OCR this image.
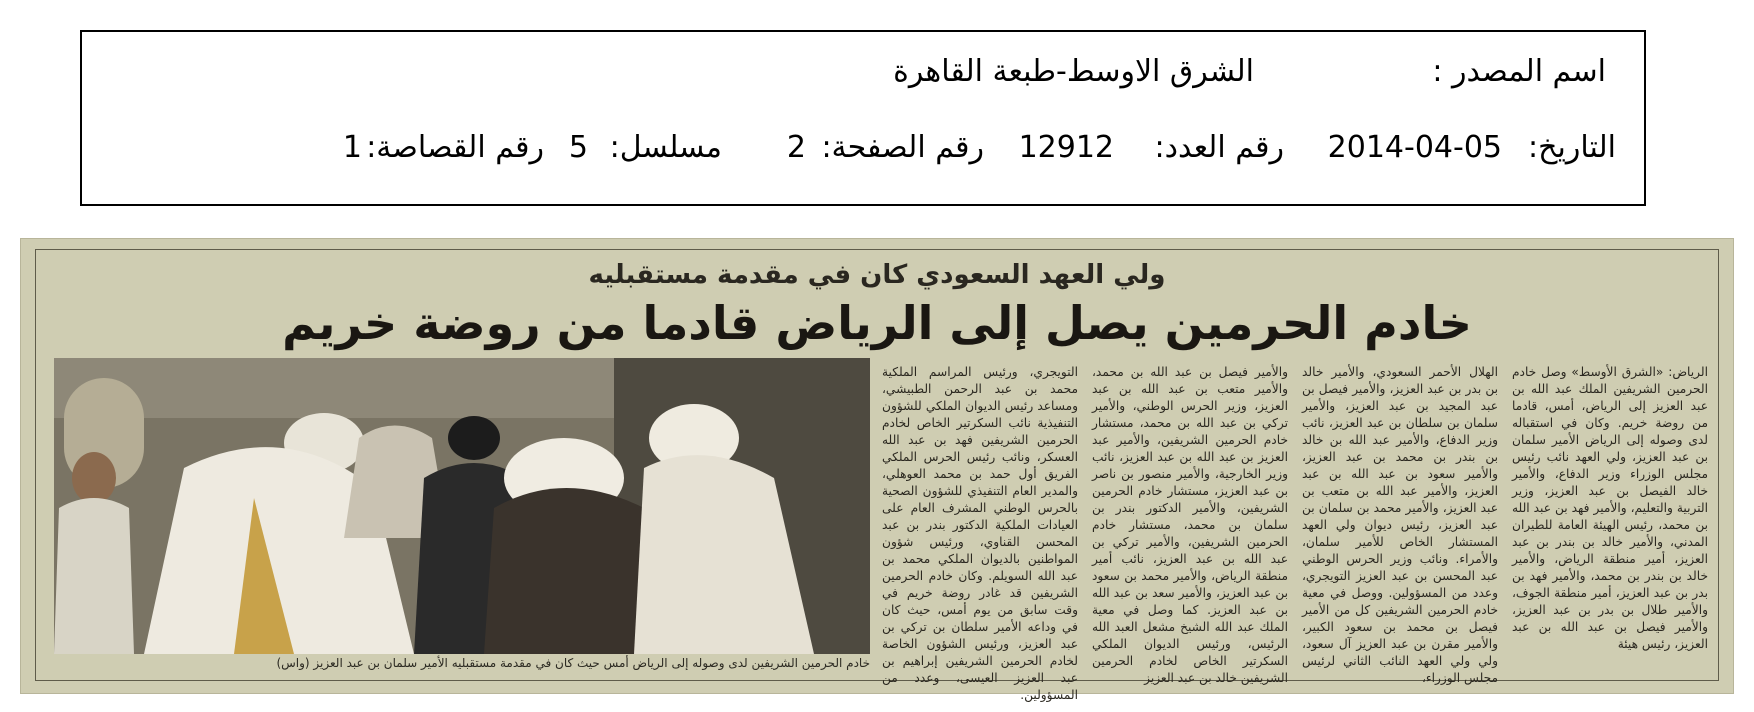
اسم المصدر :
الشرق الاوسط-طبعة القاهرة
التاريخ:
2014-04-05
رقم العدد:
12912
رقم الصفحة:
2
مسلسل:
5
رقم القصاصة:
1
ولي العهد السعودي كان في مقدمة مستقبليه
خادم الحرمين يصل إلى الرياض قادما من روضة خريم
خادم الحرمين الشريفين لدى وصوله إلى الرياض أمس حيث كان في مقدمة مستقبليه الأمير سلمان بن عبد العزيز (واس)
الرياض: «الشرق الأوسط» وصل خادم الحرمين الشريفين الملك عبد الله بن عبد العزيز إلى الرياض، أمس، قادما من روضة خريم. وكان في استقباله لدى وصوله إلى الرياض الأمير سلمان بن عبد العزيز، ولي العهد نائب رئيس مجلس الوزراء وزير الدفاع، والأمير خالد الفيصل بن عبد العزيز، وزير التربية والتعليم، والأمير فهد بن عبد الله بن محمد، رئيس الهيئة العامة للطيران المدني، والأمير خالد بن بندر بن عبد العزيز، أمير منطقة الرياض، والأمير خالد بن بندر بن محمد، والأمير فهد بن بدر بن عبد العزيز، أمير منطقة الجوف، والأمير طلال بن بدر بن عبد العزيز، والأمير فيصل بن عبد الله بن عبد العزيز، رئيس هيئة
الهلال الأحمر السعودي، والأمير خالد بن بدر بن عبد العزيز، والأمير فيصل بن عبد المجيد بن عبد العزيز، والأمير سلمان بن سلطان بن عبد العزيز، نائب وزير الدفاع، والأمير عبد الله بن خالد بن بندر بن محمد بن عبد العزيز، والأمير سعود بن عبد الله بن عبد العزيز، والأمير عبد الله بن متعب بن عبد العزيز، والأمير محمد بن سلمان بن عبد العزيز، رئيس ديوان ولي العهد المستشار الخاص للأمير سلمان، والأمراء. ونائب وزير الحرس الوطني عبد المحسن بن عبد العزيز التويجري، وعدد من المسؤولين. ووصل في معية خادم الحرمين الشريفين كل من الأمير فيصل بن محمد بن سعود الكبير، والأمير مقرن بن عبد العزيز آل سعود، ولي ولي العهد النائب الثاني لرئيس مجلس الوزراء،
والأمير فيصل بن عبد الله بن محمد، والأمير متعب بن عبد الله بن عبد العزيز، وزير الحرس الوطني، والأمير تركي بن عبد الله بن محمد، مستشار خادم الحرمين الشريفين، والأمير عبد العزيز بن عبد الله بن عبد العزيز، نائب وزير الخارجية، والأمير منصور بن ناصر بن عبد العزيز، مستشار خادم الحرمين الشريفين، والأمير الدكتور بندر بن سلمان بن محمد، مستشار خادم الحرمين الشريفين، والأمير تركي بن عبد الله بن عبد العزيز، نائب أمير منطقة الرياض، والأمير محمد بن سعود بن عبد العزيز، والأمير سعد بن عبد الله بن عبد العزيز. كما وصل في معية الملك عبد الله الشيخ مشعل العبد الله الرئيس، ورئيس الديوان الملكي السكرتير الخاص لخادم الحرمين الشريفين خالد بن عبد العزيز
التويجري، ورئيس المراسم الملكية محمد بن عبد الرحمن الطبيشي، ومساعد رئيس الديوان الملكي للشؤون التنفيذية نائب السكرتير الخاص لخادم الحرمين الشريفين فهد بن عبد الله العسكر، ونائب رئيس الحرس الملكي الفريق أول حمد بن محمد العوهلي، والمدير العام التنفيذي للشؤون الصحية بالحرس الوطني المشرف العام على العيادات الملكية الدكتور بندر بن عبد المحسن القناوي، ورئيس شؤون المواطنين بالديوان الملكي محمد بن عبد الله السويلم. وكان خادم الحرمين الشريفين قد غادر روضة خريم في وقت سابق من يوم أمس، حيث كان في وداعه الأمير سلطان بن تركي بن عبد العزيز، ورئيس الشؤون الخاصة لخادم الحرمين الشريفين إبراهيم بن عبد العزيز العيسى، وعدد من المسؤولين.
